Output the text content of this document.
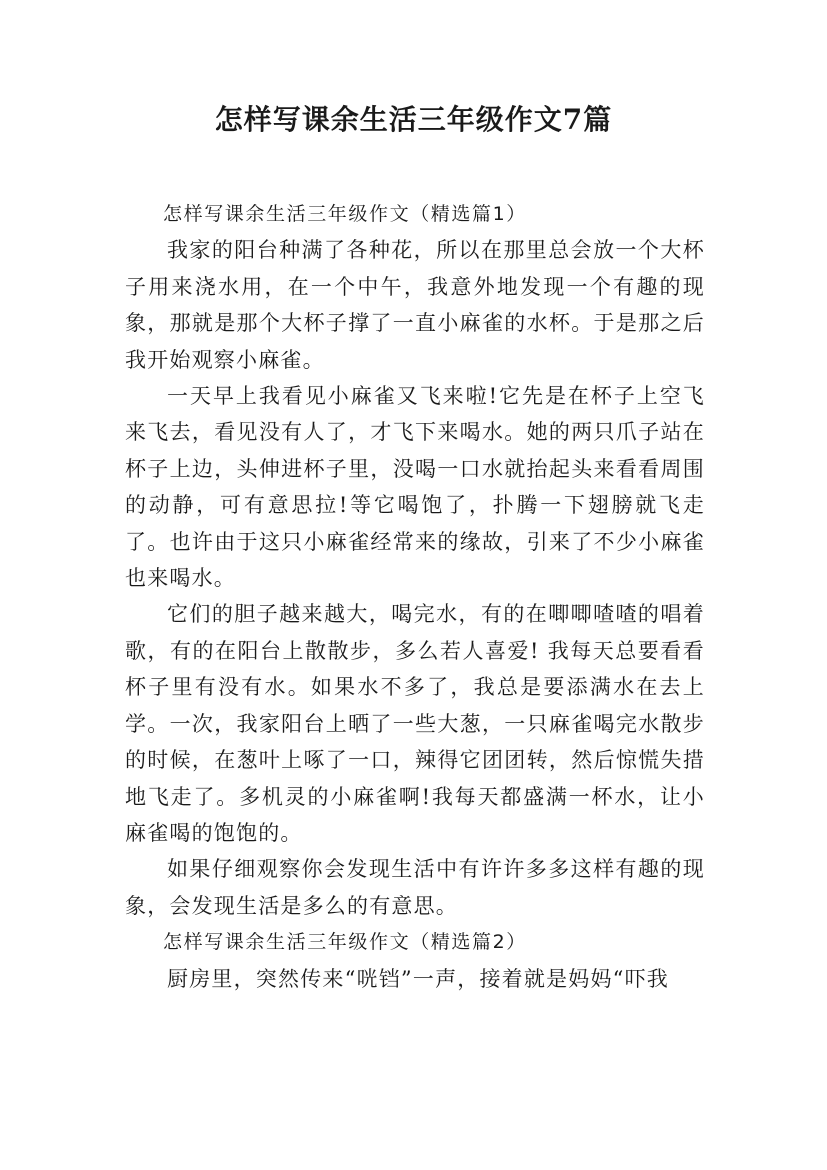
怎样写课余生活三年级作文7篇

怎样写课余生活三年级作文（精选篇1）

我家的阳台种满了各种花，所以在那里总会放一个大杯子用来浇水用，在一个中午，我意外地发现一个有趣的现象，那就是那个大杯子撑了一直小麻雀的水杯。于是那之后我开始观察小麻雀。

一天早上我看见小麻雀又飞来啦!它先是在杯子上空飞来飞去，看见没有人了，才飞下来喝水。她的两只爪子站在杯子上边，头伸进杯子里，没喝一口水就抬起头来看看周围的动静，可有意思拉!等它喝饱了，扑腾一下翅膀就飞走了。也许由于这只小麻雀经常来的缘故，引来了不少小麻雀也来喝水。

它们的胆子越来越大，喝完水，有的在唧唧喳喳的唱着歌，有的在阳台上散散步，多么若人喜爱! 我每天总要看看杯子里有没有水。如果水不多了，我总是要添满水在去上学。一次，我家阳台上晒了一些大葱，一只麻雀喝完水散步的时候，在葱叶上啄了一口，辣得它团团转，然后惊慌失措地飞走了。多机灵的小麻雀啊!我每天都盛满一杯水，让小麻雀喝的饱饱的。

如果仔细观察你会发现生活中有许许多多这样有趣的现象，会发现生活是多么的有意思。

怎样写课余生活三年级作文（精选篇2）

厨房里，突然传来“咣铛”一声，接着就是妈妈“吓我
